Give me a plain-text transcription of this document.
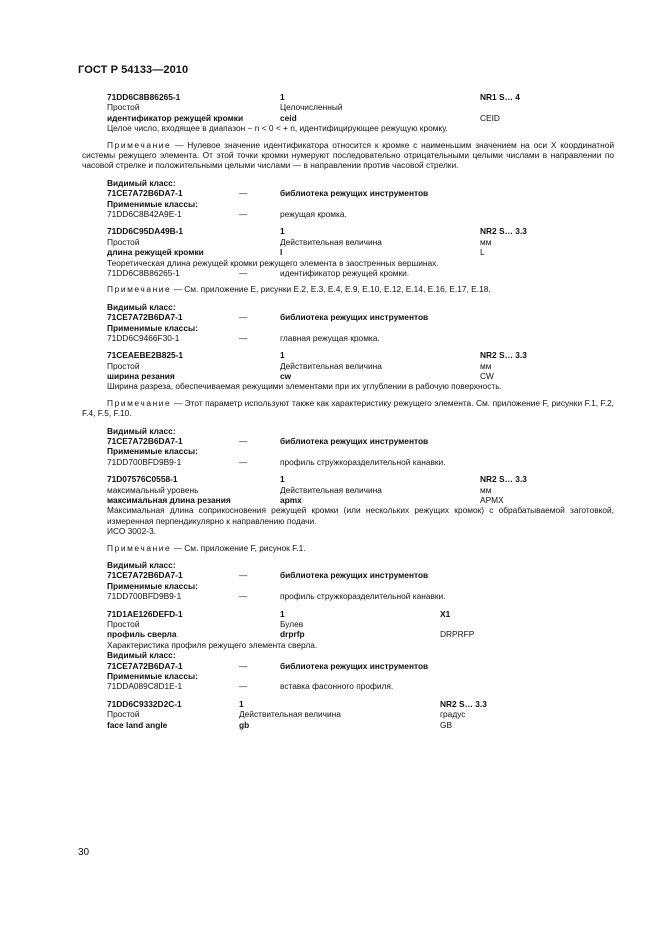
ГОСТ Р 54133—2010
71DD6C8B86265-1	1	NR1 S… 4
Простой	Целочисленный
идентификатор режущей кромки	ceid	CEID
Целое число, входящее в диапазон − n < 0 < + n, идентифицирующее режущую кромку.
Примечание — Нулевое значение идентификатора относится к кромке с наименьшим значением на оси X координатной системы режущего элемента. От этой точки кромки нумеруют последовательно отрицательными целыми числами в направлении по часовой стрелке и положительными целыми числами — в направлении против часовой стрелки.
Видимый класс:
71CE7A72B6DA7-1	—	библиотека режущих инструментов
Применимые классы:
71DD6C8B42A9E-1	—	режущая кромка.
71DD6C95DA49B-1	1	NR2 S… 3.3
Простой	Действительная величина	мм
длина режущей кромки	l	L
Теоретическая длина режущей кромки режущего элемента в заостренных вершинах.
71DD6C8B86265-1	—	идентификатор режущей кромки.
Примечание — См. приложение E, рисунки E.2, E.3, E.4, E.9, E.10, E.12, E.14, E.16, E.17, E.18.
Видимый класс:
71CE7A72B6DA7-1	—	библиотека режущих инструментов
Применимые классы:
71DD6C9466F30-1	—	главная режущая кромка.
71CEAEBE2B825-1	1	NR2 S… 3.3
Простой	Действительная величина	мм
ширина резания	cw	CW
Ширина разреза, обеспечиваемая режущими элементами при их углублении в рабочую поверхность.
Примечание — Этот параметр используют также как характеристику режущего элемента. См. приложение F, рисунки F.1, F.2, F.4, F.5, F.10.
Видимый класс:
71CE7A72B6DA7-1	—	библиотека режущих инструментов
Применимые классы:
71DD700BFD9B9-1	—	профиль стружкоразделительной канавки.
71D07576C0558-1	1	NR2 S… 3.3
максимальный уровень	Действительная величина	мм
максимальная длина резания	apmx	APMX
Максимальная длина соприкосновения режущей кромки (или нескольких режущих кромок) с обрабатываемой заготовкой, измеренная перпендикулярно к направлению подачи.
ИСО 3002-3.
Примечание — См. приложение F, рисунок F.1.
Видимый класс:
71CE7A72B6DA7-1	—	библиотека режущих инструментов
Применимые классы:
71DD700BFD9B9-1	—	профиль стружкоразделительной канавки.
71D1AE126DEFD-1	1	X1
Простой	Булев
профиль сверла	drprfp	DRPRFP
Характеристика профиля режущего элемента сверла.
Видимый класс:
71CE7A72B6DA7-1	—	библиотека режущих инструментов
Применимые классы:
71DDA089C8D1E-1	—	вставка фасонного профиля.
71DD6C9332D2C-1	1	NR2 S… 3.3
Простой	Действительная величина	градус
face land angle	gb	GB
30
